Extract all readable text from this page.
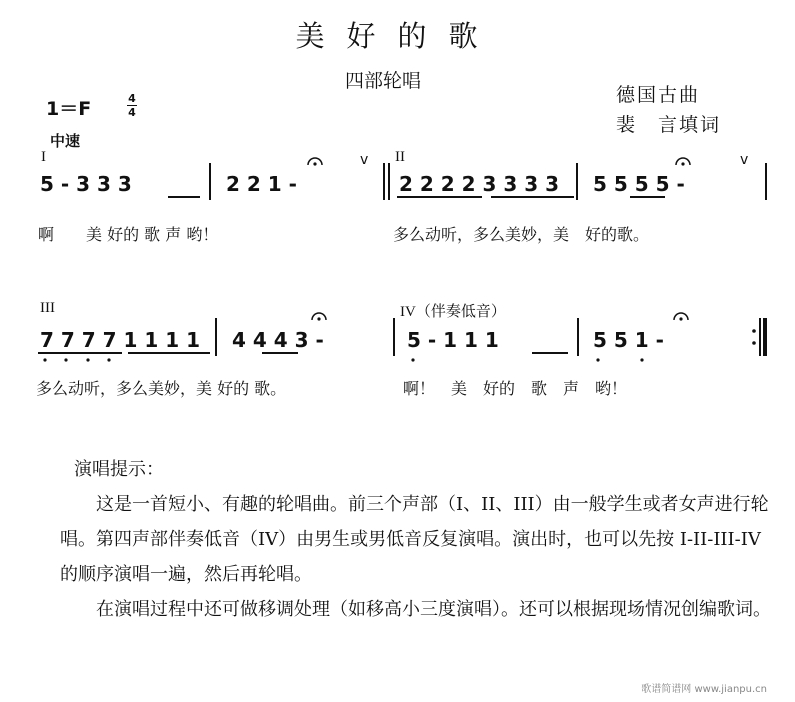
美好的歌
四部轮唱
德国古曲
裴　言填词
1＝F	4
4
中速
I	II
III	IV（伴奏低音）
5 - 3 3 3	2 2 1 -	2 2 2 2 3 3 3 3 5 5 5 5 -
啊　　美 好的 歌 声 哟！	多么动听，多么美妙，美　好的歌。
7 7 7 7 1 1 1 1 4 4 4 3 -	5 - 1 1 1	5 5 1 -
多么动听，多么美妙，美 好的 歌。	啊！　美　好的　歌　声　哟！
v	v
演唱提示：

这是一首短小、有趣的轮唱曲。前三个声部（I、II、III）由一般学生或者女声进行轮唱。第四声部伴奏低音（IV）由男生或男低音反复演唱。演出时，也可以先按 I-II-III-IV 的顺序演唱一遍，然后再轮唱。

在演唱过程中还可做移调处理（如移高小三度演唱）。还可以根据现场情况创编歌词。

歌谱简谱网 www.jianpu.cn
